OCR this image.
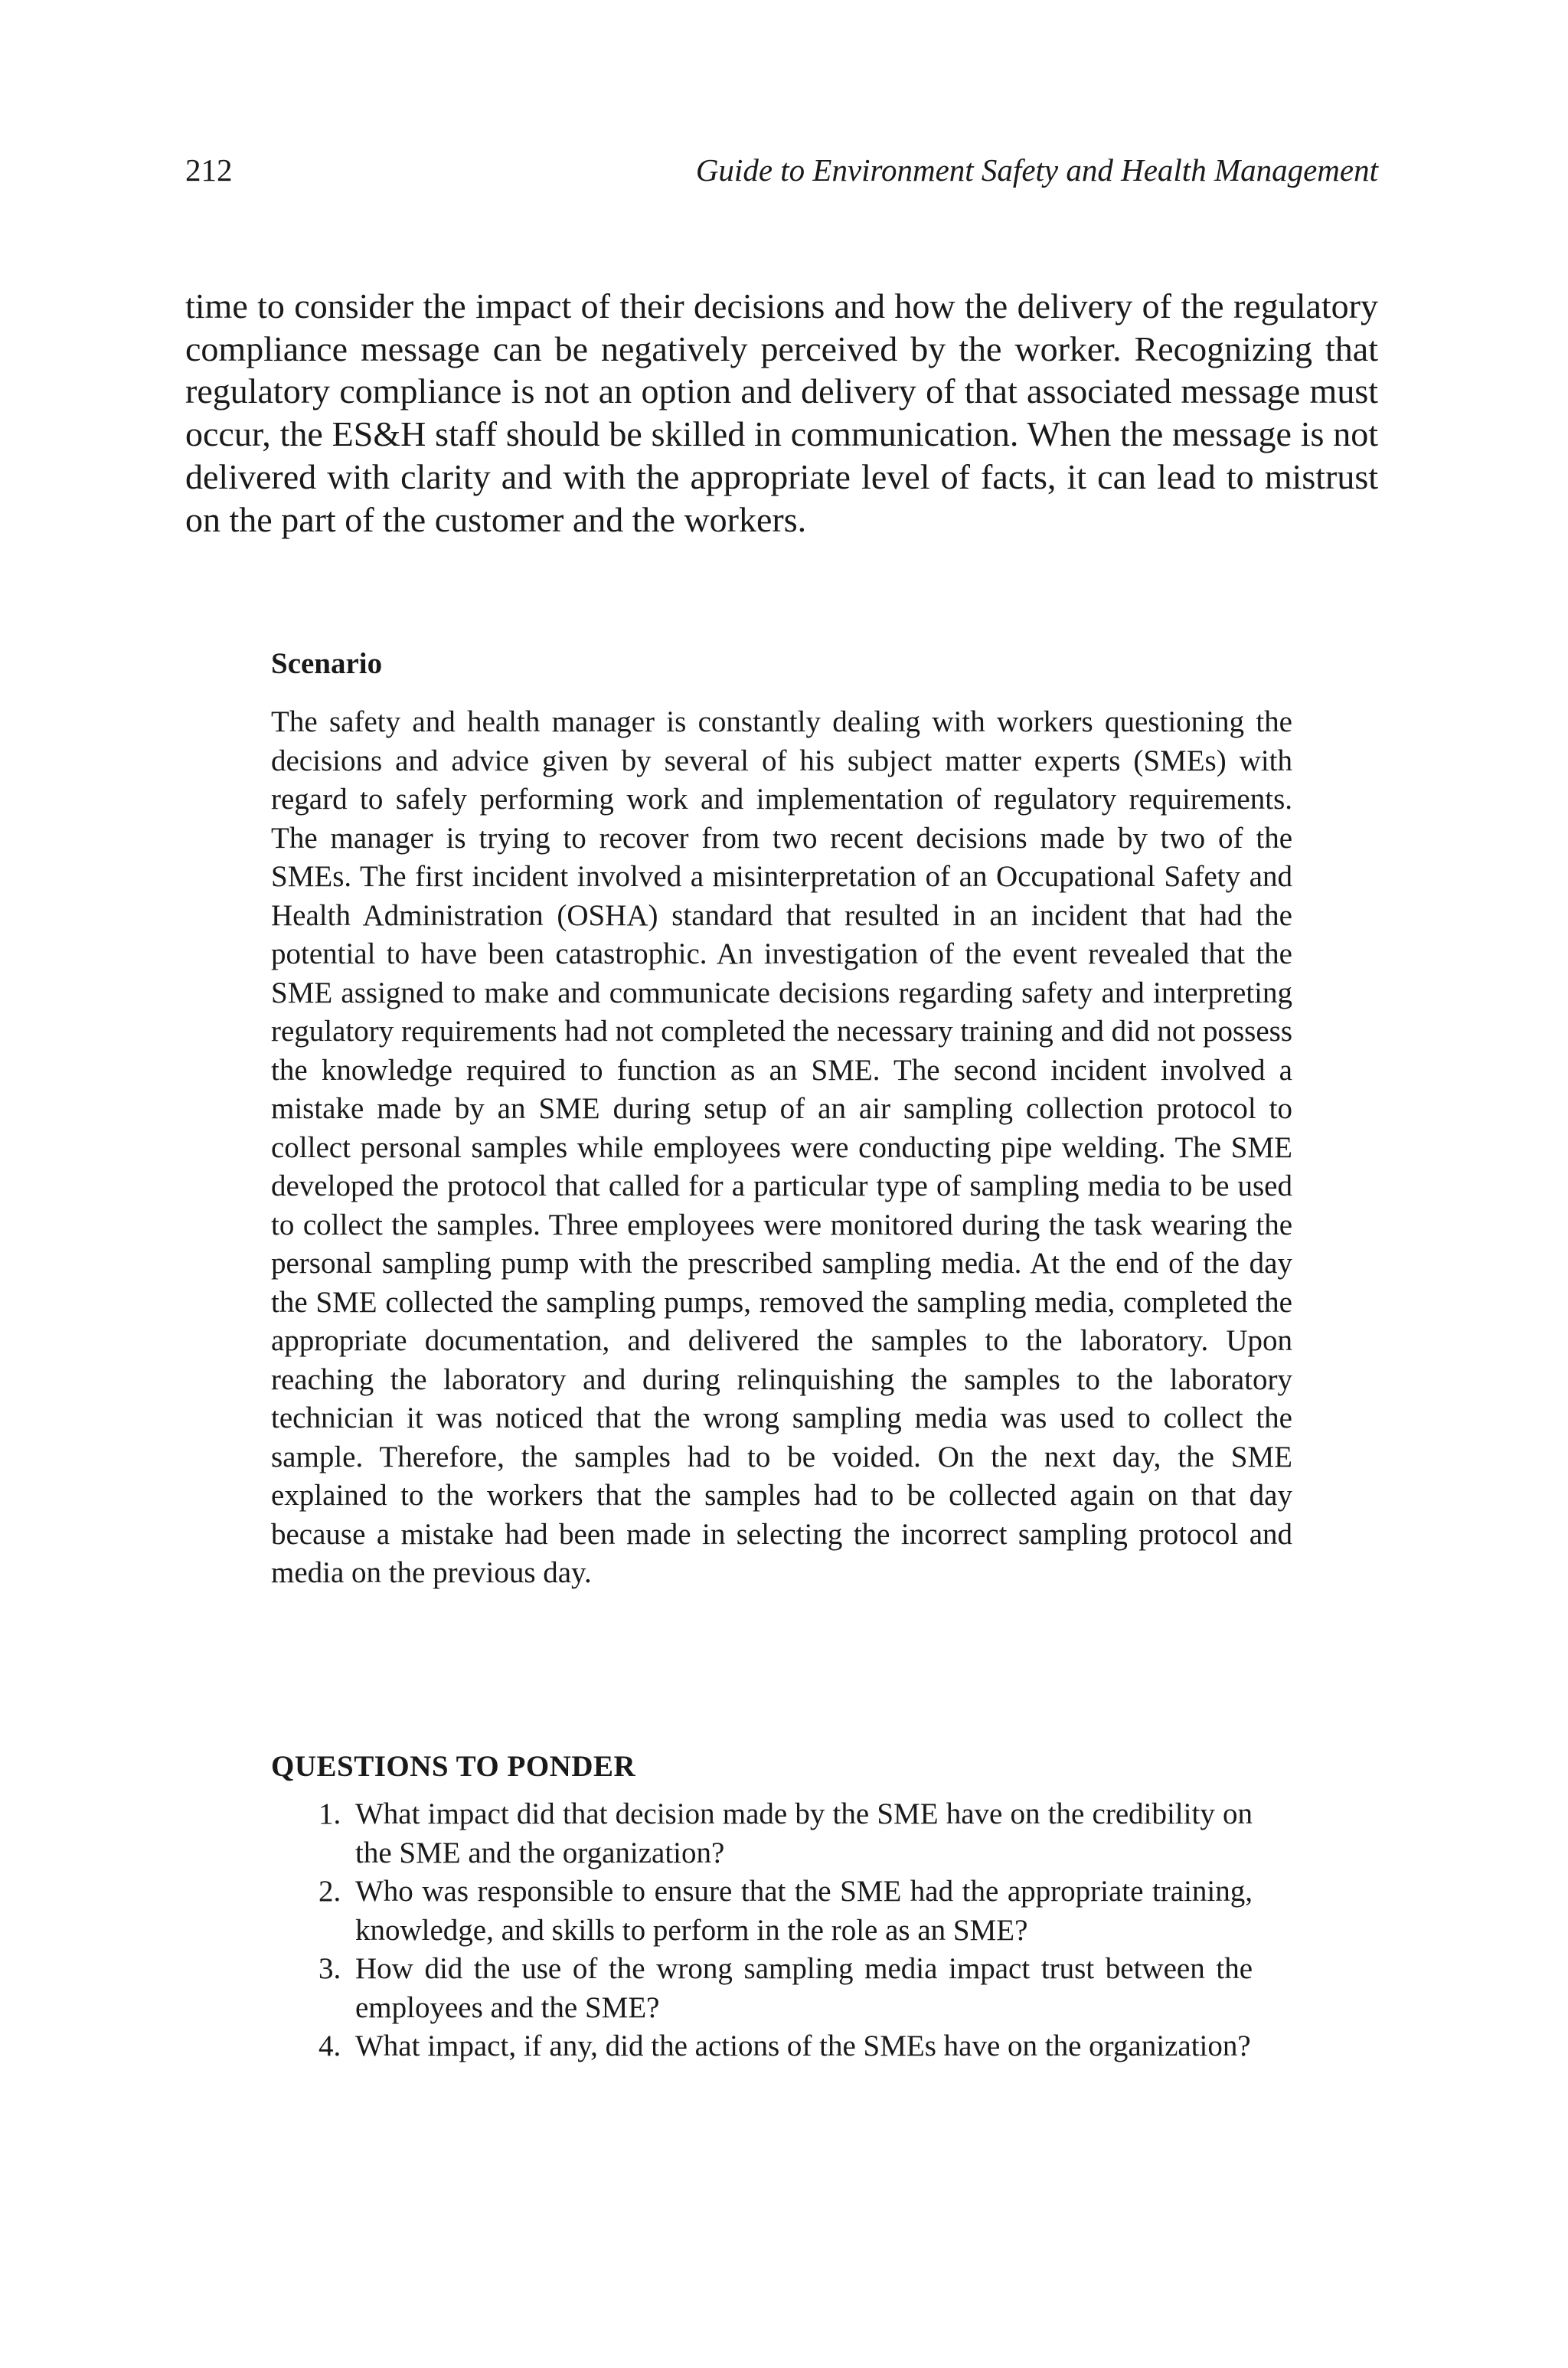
212	Guide to Environment Safety and Health Management

time to consider the impact of their decisions and how the delivery of the regulatory compliance message can be negatively perceived by the worker. Recognizing that regulatory compliance is not an option and delivery of that associated message must occur, the ES&H staff should be skilled in communication. When the message is not delivered with clarity and with the appropriate level of facts, it can lead to mistrust on the part of the customer and the workers.

Scenario

The safety and health manager is constantly dealing with workers questioning the decisions and advice given by several of his subject matter experts (SMEs) with regard to safely performing work and implementation of regulatory requirements. The manager is trying to recover from two recent decisions made by two of the SMEs. The first incident involved a misinterpretation of an Occupational Safety and Health Administration (OSHA) standard that resulted in an incident that had the potential to have been catastrophic. An investigation of the event revealed that the SME assigned to make and communicate decisions regarding safety and interpreting regulatory requirements had not completed the necessary training and did not possess the knowledge required to function as an SME. The second incident involved a mistake made by an SME during setup of an air sampling collection protocol to collect personal samples while employees were conducting pipe welding. The SME developed the protocol that called for a particular type of sampling media to be used to collect the samples. Three employees were monitored during the task wearing the personal sampling pump with the prescribed sampling media. At the end of the day the SME collected the sampling pumps, removed the sampling media, completed the appropriate documentation, and delivered the samples to the laboratory. Upon reaching the laboratory and during relinquishing the samples to the laboratory technician it was noticed that the wrong sampling media was used to collect the sample. Therefore, the samples had to be voided. On the next day, the SME explained to the workers that the samples had to be collected again on that day because a mistake had been made in selecting the incorrect sampling protocol and media on the previous day.

QUESTIONS TO PONDER
1. What impact did that decision made by the SME have on the credibility on the SME and the organization?
2. Who was responsible to ensure that the SME had the appropriate training, knowledge, and skills to perform in the role as an SME?
3. How did the use of the wrong sampling media impact trust between the employees and the SME?
4. What impact, if any, did the actions of the SMEs have on the organization?
